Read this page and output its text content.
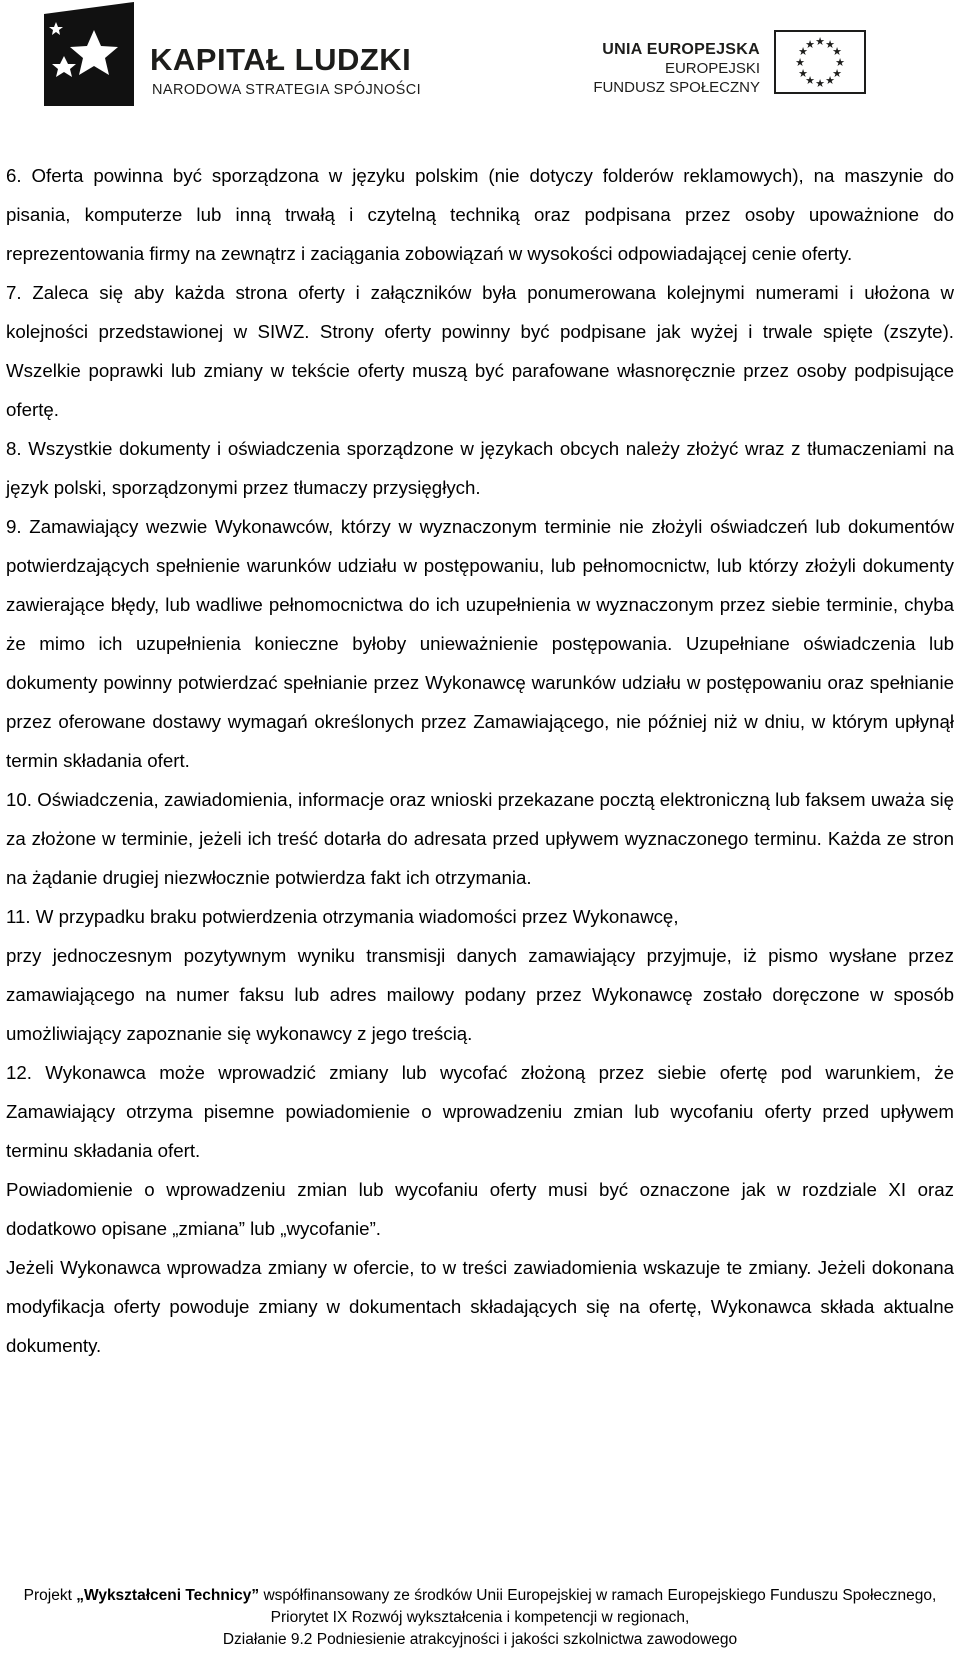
KAPITAŁ LUDZKI
NARODOWA STRATEGIA SPÓJNOŚCI
UNIA EUROPEJSKA
EUROPEJSKI
FUNDUSZ SPOŁECZNY
★ ★
★
★
★
★
★
★
★
★
★
★

6. Oferta powinna być sporządzona w języku polskim (nie dotyczy folderów reklamowych), na maszynie do pisania, komputerze lub inną trwałą i czytelną techniką oraz podpisana przez osoby upoważnione do reprezentowania firmy na zewnątrz i zaciągania zobowiązań w wysokości odpowiadającej cenie oferty.

7. Zaleca się aby każda strona oferty i załączników była ponumerowana kolejnymi numerami i ułożona w kolejności przedstawionej w SIWZ. Strony oferty powinny być podpisane jak wyżej i trwale spięte (zszyte). Wszelkie poprawki lub zmiany w tekście oferty muszą być parafowane własnoręcznie przez osoby podpisujące ofertę.

8. Wszystkie dokumenty i oświadczenia sporządzone w językach obcych należy złożyć wraz z tłumaczeniami na język polski, sporządzonymi przez tłumaczy przysięgłych.

9. Zamawiający wezwie Wykonawców, którzy w wyznaczonym terminie nie złożyli oświadczeń lub dokumentów potwierdzających spełnienie warunków udziału w postępowaniu, lub pełnomocnictw, lub którzy złożyli dokumenty zawierające błędy, lub wadliwe pełnomocnictwa do ich uzupełnienia w wyznaczonym przez siebie terminie, chyba że mimo ich uzupełnienia konieczne byłoby unieważnienie postępowania. Uzupełniane oświadczenia lub dokumenty powinny potwierdzać spełnianie przez Wykonawcę warunków udziału w postępowaniu oraz spełnianie przez oferowane dostawy wymagań określonych przez Zamawiającego, nie później niż w dniu, w którym upłynął termin składania ofert.

10. Oświadczenia, zawiadomienia, informacje oraz wnioski przekazane pocztą elektroniczną lub faksem uważa się za złożone w terminie, jeżeli ich treść dotarła do adresata przed upływem wyznaczonego terminu. Każda ze stron na żądanie drugiej niezwłocznie potwierdza fakt ich otrzymania.

11. W przypadku braku potwierdzenia otrzymania wiadomości przez Wykonawcę,

przy jednoczesnym pozytywnym wyniku transmisji danych zamawiający przyjmuje, iż pismo wysłane przez zamawiającego na numer faksu lub adres mailowy podany przez Wykonawcę zostało doręczone w sposób umożliwiający zapoznanie się wykonawcy z jego treścią.

12. Wykonawca może wprowadzić zmiany lub wycofać złożoną przez siebie ofertę pod warunkiem, że Zamawiający otrzyma pisemne powiadomienie o wprowadzeniu zmian lub wycofaniu oferty przed upływem terminu składania ofert.

Powiadomienie o wprowadzeniu zmian lub wycofaniu oferty musi być oznaczone jak w rozdziale XI oraz dodatkowo opisane „zmiana” lub „wycofanie”.

Jeżeli Wykonawca wprowadza zmiany w ofercie, to w treści zawiadomienia wskazuje te zmiany. Jeżeli dokonana modyfikacja oferty powoduje zmiany w dokumentach składających się na ofertę, Wykonawca składa aktualne dokumenty.

Projekt „Wykształceni Technicy” współfinansowany ze środków Unii Europejskiej w ramach Europejskiego Funduszu Społecznego,
Priorytet IX Rozwój wykształcenia i kompetencji w regionach,
Działanie 9.2 Podniesienie atrakcyjności i jakości szkolnictwa zawodowego
